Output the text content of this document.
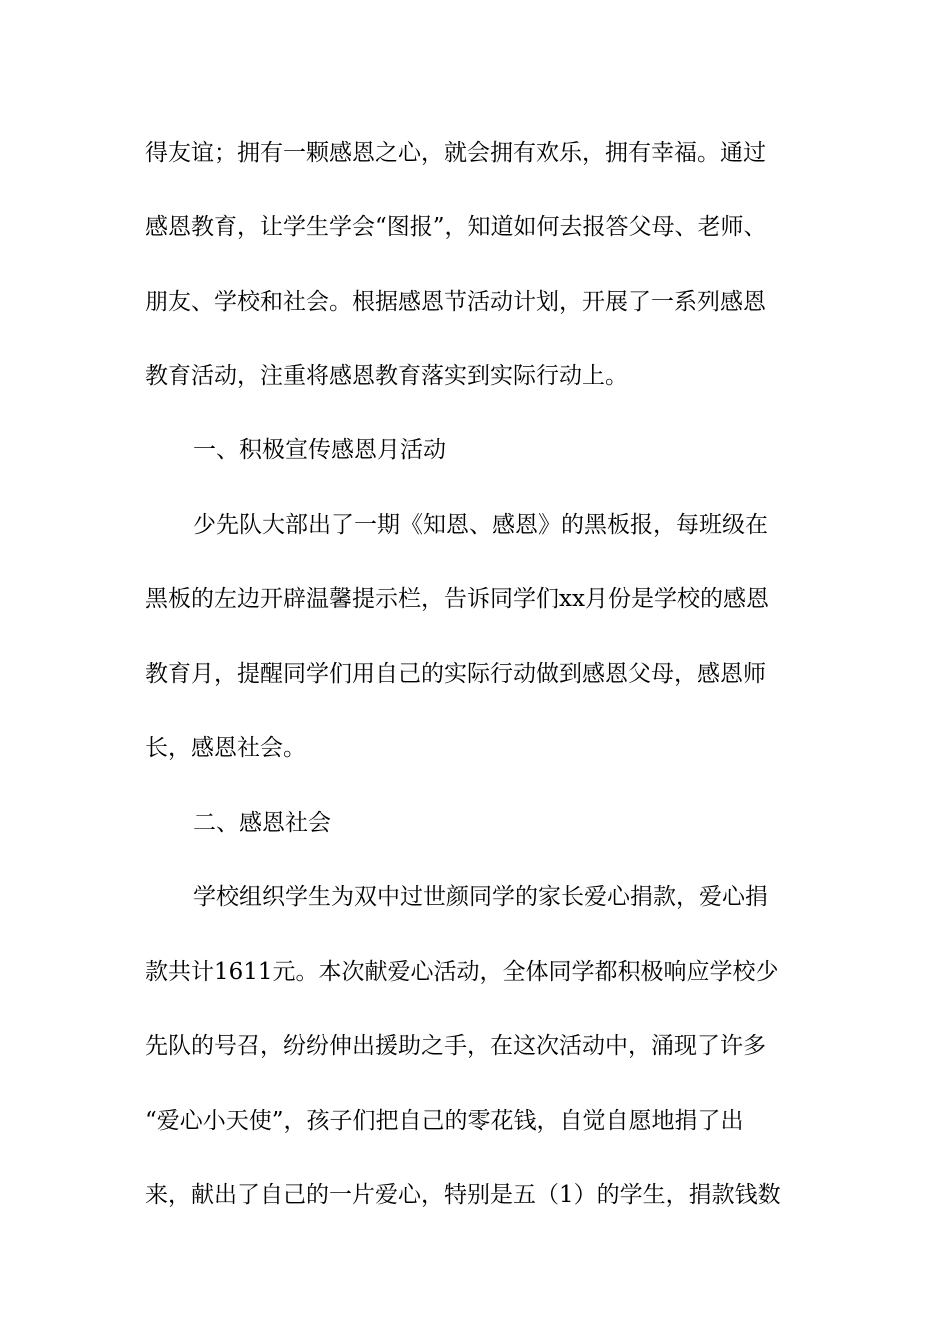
得友谊；拥有一颗感恩之心，就会拥有欢乐，拥有幸福。通过
感恩教育，让学生学会“图报”，知道如何去报答父母、老师、
朋友、学校和社会。根据感恩节活动计划，开展了一系列感恩
教育活动，注重将感恩教育落实到实际行动上。
一、积极宣传感恩月活动
少先队大部出了一期《知恩、感恩》的黑板报，每班级在
黑板的左边开辟温馨提示栏，告诉同学们xx月份是学校的感恩
教育月，提醒同学们用自己的实际行动做到感恩父母，感恩师
长，感恩社会。
二、感恩社会
学校组织学生为双中过世颜同学的家长爱心捐款，爱心捐
款共计1611元。本次献爱心活动，全体同学都积极响应学校少
先队的号召，纷纷伸出援助之手，在这次活动中，涌现了许多
“爱心小天使”，孩子们把自己的零花钱，自觉自愿地捐了出
来，献出了自己的一片爱心，特别是五（1）的学生，捐款钱数
